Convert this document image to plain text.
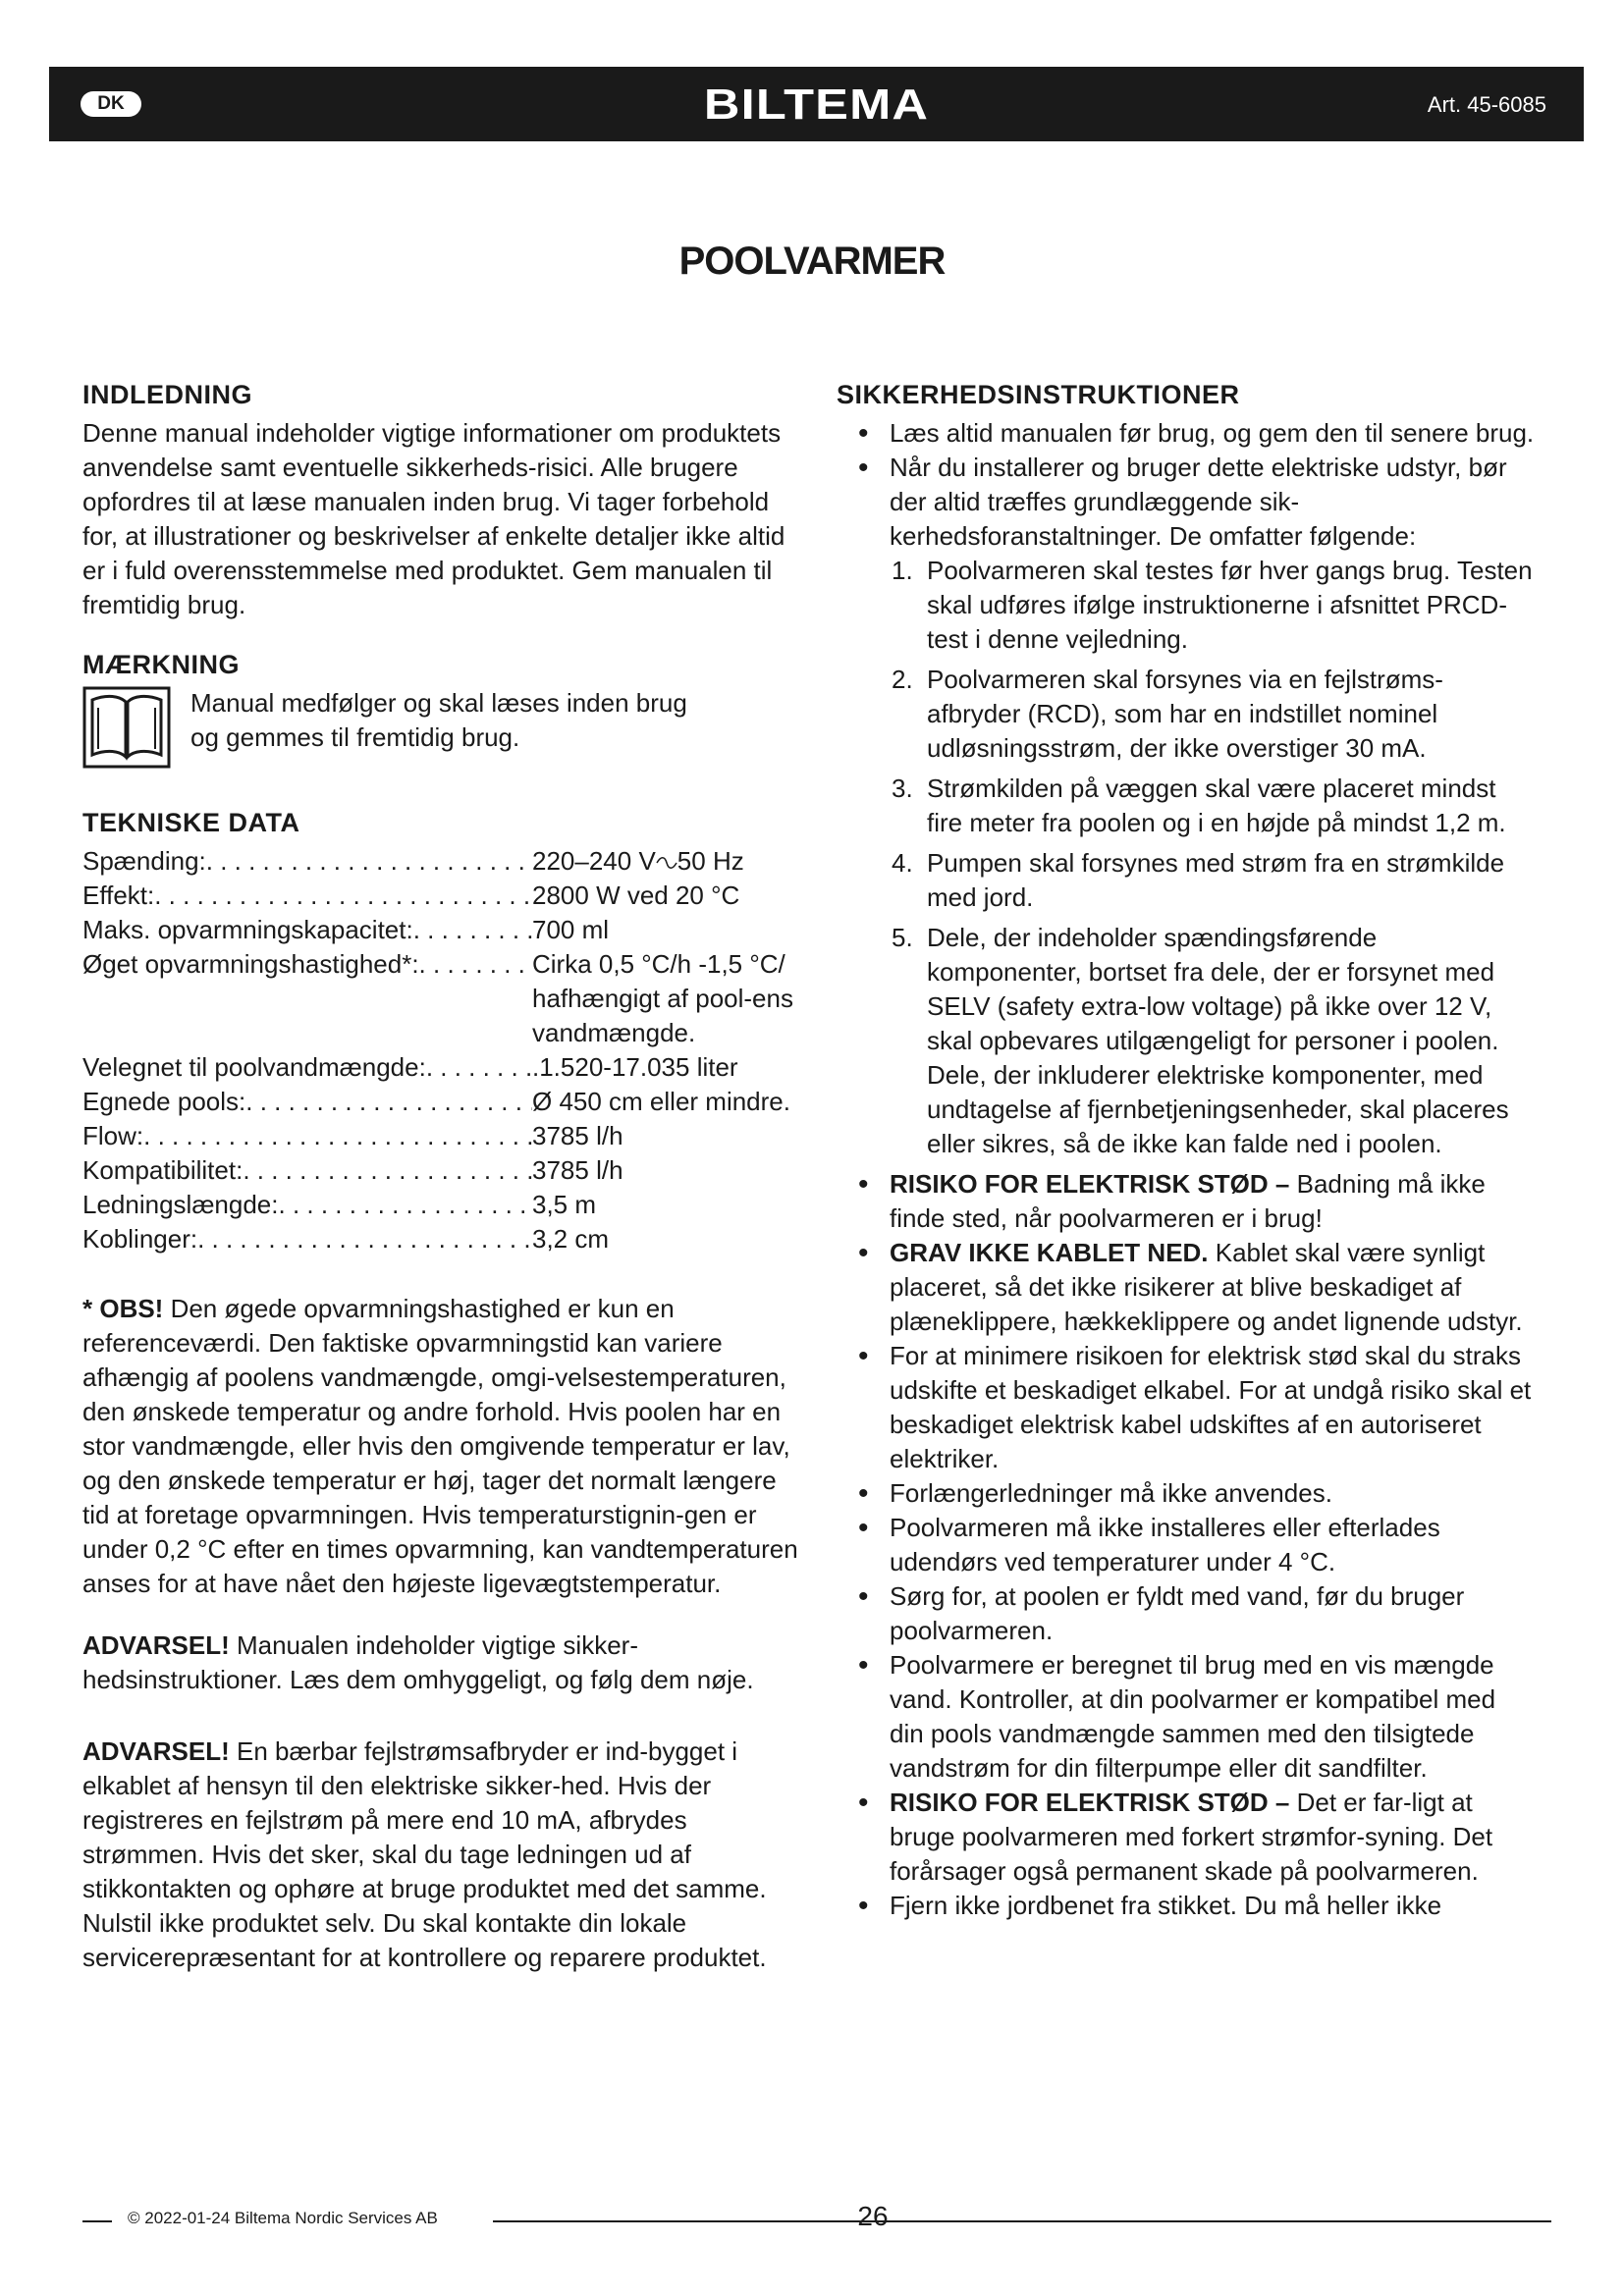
DK	BILTEMA	Art. 45-6085
POOLVARMER
INDLEDNING

Denne manual indeholder vigtige informationer om produktets anvendelse samt eventuelle sikkerheds-risici. Alle brugere opfordres til at læse manualen inden brug. Vi tager forbehold for, at illustrationer og beskrivelser af enkelte detaljer ikke altid er i fuld overensstemmelse med produktet. Gem manualen til fremtidig brug.

MÆRKNING

Manual medfølger og skal læses inden brug og gemmes til fremtidig brug.

TEKNISKE DATA
Spænding: . . .	220–240 V 50 Hz
Effekt: . . .	2800 W ved 20 °C
Maks. opvarmningskapacitet: . . .	700 ml
Øget opvarmningshastighed*: . . .	Cirka 0,5 °C/h -1,5 °C/ hafhængigt af pool-ens vandmængde.
Velegnet til poolvandmængde: . . .	.1.520-17.035 liter
Egnede pools: . . .	Ø 450 cm eller mindre.
Flow: . . .	3785 l/h
Kompatibilitet: . . .	3785 l/h
Ledningslængde: . . .	3,5 m
Koblinger: . . .	3,2 cm

* OBS! Den øgede opvarmningshastighed er kun en referenceværdi. Den faktiske opvarmningstid kan variere afhængig af poolens vandmængde, omgi-velsestemperaturen, den ønskede temperatur og andre forhold. Hvis poolen har en stor vandmængde, eller hvis den omgivende temperatur er lav, og den ønskede temperatur er høj, tager det normalt længere tid at foretage opvarmningen. Hvis temperaturstignin-gen er under 0,2 °C efter en times opvarmning, kan vandtemperaturen anses for at have nået den højeste ligevægtstemperatur.

ADVARSEL! Manualen indeholder vigtige sikker-hedsinstruktioner. Læs dem omhyggeligt, og følg dem nøje.

ADVARSEL! En bærbar fejlstrømsafbryder er ind-bygget i elkablet af hensyn til den elektriske sikker-hed. Hvis der registreres en fejlstrøm på mere end 10 mA, afbrydes strømmen. Hvis det sker, skal du tage ledningen ud af stikkontakten og ophøre at bruge produktet med det samme. Nulstil ikke produktet selv. Du skal kontakte din lokale servicerepræsentant for at kontrollere og reparere produktet.

SIKKERHEDSINSTRUKTIONER
• Læs altid manualen før brug, og gem den til senere brug.
• Når du installerer og bruger dette elektriske udstyr, bør der altid træffes grundlæggende sik-kerhedsforanstaltninger. De omfatter følgende:
1. Poolvarmeren skal testes før hver gangs brug. Testen skal udføres ifølge instruktionerne i afsnittet PRCD-test i denne vejledning.
2. Poolvarmeren skal forsynes via en fejlstrøms-afbryder (RCD), som har en indstillet nominel udløsningsstrøm, der ikke overstiger 30 mA.
3. Strømkilden på væggen skal være placeret mindst fire meter fra poolen og i en højde på mindst 1,2 m.
4. Pumpen skal forsynes med strøm fra en strømkilde med jord.
5. Dele, der indeholder spændingsførende komponenter, bortset fra dele, der er forsynet med SELV (safety extra-low voltage) på ikke over 12 V, skal opbevares utilgængeligt for personer i poolen. Dele, der inkluderer elektriske komponenter, med undtagelse af fjernbetjeningsenheder, skal placeres eller sikres, så de ikke kan falde ned i poolen.
• RISIKO FOR ELEKTRISK STØD – Badning må ikke finde sted, når poolvarmeren er i brug!
• GRAV IKKE KABLET NED. Kablet skal være synligt placeret, så det ikke risikerer at blive beskadiget af plæneklippere, hækkeklippere og andet lignende udstyr.
• For at minimere risikoen for elektrisk stød skal du straks udskifte et beskadiget elkabel. For at undgå risiko skal et beskadiget elektrisk kabel udskiftes af en autoriseret elektriker.
• Forlængerledninger må ikke anvendes.
• Poolvarmeren må ikke installeres eller efterlades udendørs ved temperaturer under 4 °C.
• Sørg for, at poolen er fyldt med vand, før du bruger poolvarmeren.
• Poolvarmere er beregnet til brug med en vis mængde vand. Kontroller, at din poolvarmer er kompatibel med din pools vandmængde sammen med den tilsigtede vandstrøm for din filterpumpe eller dit sandfilter.
• RISIKO FOR ELEKTRISK STØD – Det er far-ligt at bruge poolvarmeren med forkert strømfor-syning. Det forårsager også permanent skade på poolvarmeren.
• Fjern ikke jordbenet fra stikket. Du må heller ikke
© 2022-01-24 Biltema Nordic Services AB	26
